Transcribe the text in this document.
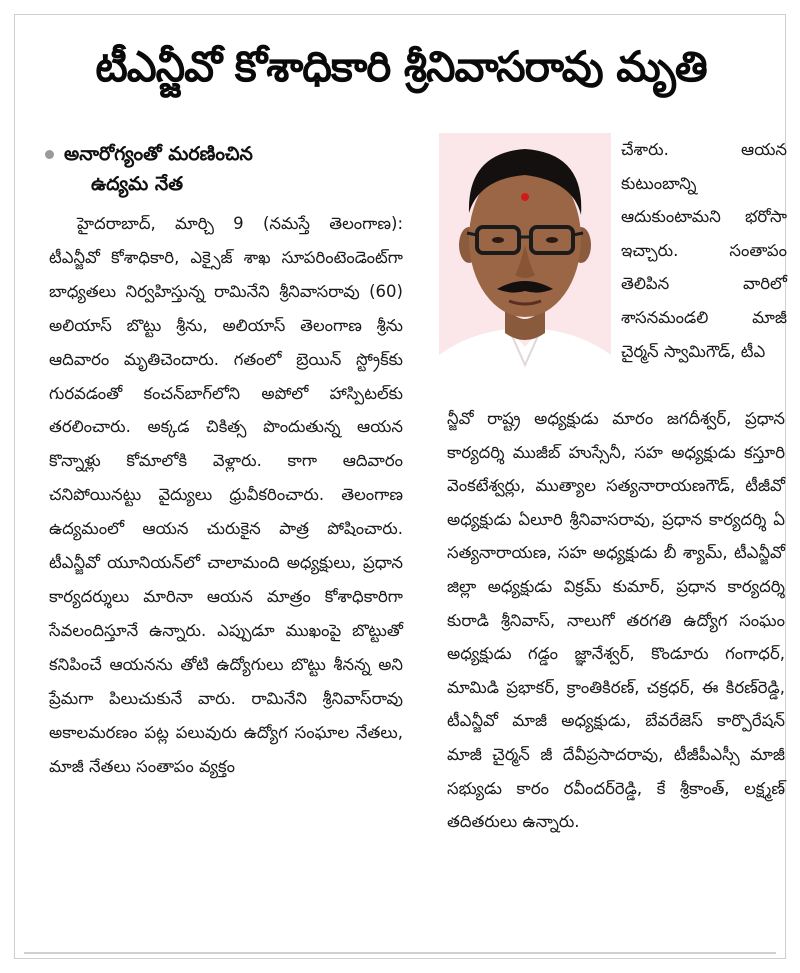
టీఎన్జీవో కోశాధికారి శ్రీనివాసరావు మృతి
అనారోగ్యంతో మరణించిన
ఉద్యమ నేత

హైదరాబాద్, మార్చి 9 (నమస్తే తెలంగాణ): టీఎన్జీవో కోశాధికారి, ఎక్సైజ్ శాఖ సూపరింటెండెంట్‌గా బాధ్యతలు నిర్వహిస్తున్న రామినేని శ్రీనివాసరావు (60) అలియాస్ బొట్టు శ్రీను, అలియాస్ తెలంగాణ శ్రీను ఆదివారం మృతిచెందారు. గతంలో బ్రెయిన్ స్ట్రోక్‌కు గురవడంతో కంచన్‌బాగ్‌లోని అపోలో హాస్పిటల్‌కు తరలించారు. అక్కడ చికిత్స పొందుతున్న ఆయన కొన్నాళ్లు కోమాలోకి వెళ్లారు. కాగా ఆదివారం చనిపోయినట్టు వైద్యులు ధ్రువీకరించారు. తెలంగాణ ఉద్యమంలో ఆయన చురుకైన పాత్ర పోషించారు. టీఎన్జీవో యూనియన్‌లో చాలామంది అధ్యక్షులు, ప్రధాన కార్యదర్శులు మారినా ఆయన మాత్రం కోశాధికారిగా సేవలందిస్తూనే ఉన్నారు. ఎప్పుడూ ముఖంపై బొట్టుతో కనిపించే ఆయనను తోటి ఉద్యోగులు బొట్టు శీనన్న అని ప్రేమగా పిలుచుకునే వారు. రామినేని శ్రీనివాస్‌రావు అకాలమరణం పట్ల పలువురు ఉద్యోగ సంఘాల నేతలు, మాజీ నేతలు సంతాపం వ్యక్తం

చేశారు. ఆయన కుటుంబాన్ని ఆదుకుంటామని భరోసా ఇచ్చారు. సంతాపం తెలిపిన వారిలో శాసనమండలి మాజీ చైర్మన్ స్వామిగౌడ్, టీఎ

న్జీవో రాష్ట్ర అధ్యక్షుడు మారం జగదీశ్వర్, ప్రధాన కార్యదర్శి ముజీబ్ హుస్సేనీ, సహ అధ్యక్షుడు కస్తూరి వెంకటేశ్వర్లు, ముత్యాల సత్యనారాయణగౌడ్, టీజీవో అధ్యక్షుడు ఏలూరి శ్రీనివాసరావు, ప్రధాన కార్యదర్శి ఏ సత్యనారాయణ, సహ అధ్యక్షుడు బీ శ్యామ్, టీఎన్జీవో జిల్లా అధ్యక్షుడు విక్రమ్ కుమార్, ప్రధాన కార్యదర్శి కురాడి శ్రీనివాస్, నాలుగో తరగతి ఉద్యోగ సంఘం అధ్యక్షుడు గడ్డం జ్ఞానేశ్వర్, కొండూరు గంగాధర్, మామిడి ప్రభాకర్, క్రాంతికిరణ్, చక్రధర్, ఈ కిరణ్‌రెడ్డి, టీఎన్జీవో మాజీ అధ్యక్షుడు, బేవరేజెస్ కార్పొరేషన్ మాజీ చైర్మన్ జీ దేవీప్రసాదరావు, టీజీపీఎస్సీ మాజీ సభ్యుడు కారం రవీందర్‌రెడ్డి, కే శ్రీకాంత్, లక్ష్మణ్ తదితరులు ఉన్నారు.
